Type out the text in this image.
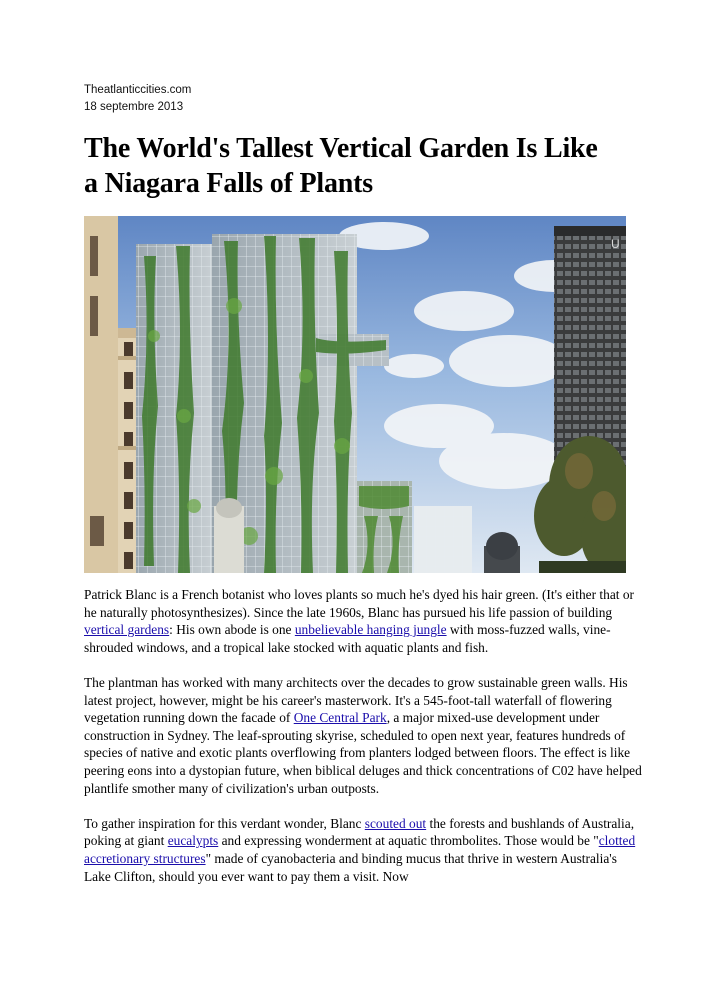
Theatlanticcities.com
18 septembre 2013
The World's Tallest Vertical Garden Is Like
a Niagara Falls of Plants
U

Patrick Blanc is a French botanist who loves plants so much he's dyed his hair green. (It's either that or he naturally photosynthesizes). Since the late 1960s, Blanc has pursued his life passion of building vertical gardens: His own abode is one unbelievable hanging jungle with moss-fuzzed walls, vine-shrouded windows, and a tropical lake stocked with aquatic plants and fish.

The plantman has worked with many architects over the decades to grow sustainable green walls. His latest project, however, might be his career's masterwork. It's a 545-foot-tall waterfall of flowering vegetation running down the facade of One Central Park, a major mixed-use development under construction in Sydney. The leaf-sprouting skyrise, scheduled to open next year, features hundreds of species of native and exotic plants overflowing from planters lodged between floors. The effect is like peering eons into a dystopian future, when biblical deluges and thick concentrations of C02 have helped plantlife smother many of civilization's urban outposts.

To gather inspiration for this verdant wonder, Blanc scouted out the forests and bushlands of Australia, poking at giant eucalypts and expressing wonderment at aquatic thrombolites. Those would be "clotted accretionary structures" made of cyanobacteria and binding mucus that thrive in western Australia's Lake Clifton, should you ever want to pay them a visit. Now
